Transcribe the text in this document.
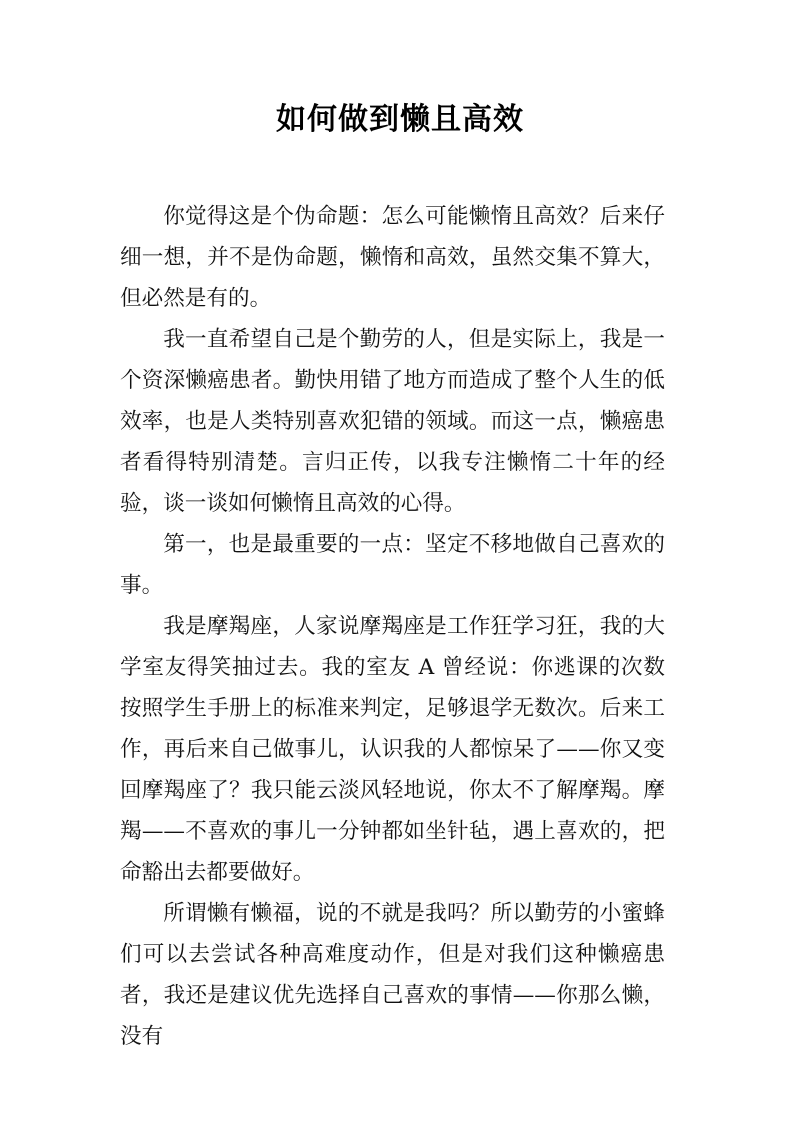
如何做到懒且高效

你觉得这是个伪命题：怎么可能懒惰且高效？后来仔细一想，并不是伪命题，懒惰和高效，虽然交集不算大，但必然是有的。

我一直希望自己是个勤劳的人，但是实际上，我是一个资深懒癌患者。勤快用错了地方而造成了整个人生的低效率，也是人类特别喜欢犯错的领域。而这一点，懒癌患者看得特别清楚。言归正传，以我专注懒惰二十年的经验，谈一谈如何懒惰且高效的心得。

第一，也是最重要的一点：坚定不移地做自己喜欢的事。

我是摩羯座，人家说摩羯座是工作狂学习狂，我的大学室友得笑抽过去。我的室友 A 曾经说：你逃课的次数按照学生手册上的标准来判定，足够退学无数次。后来工作，再后来自己做事儿，认识我的人都惊呆了——你又变回摩羯座了？我只能云淡风轻地说，你太不了解摩羯。摩羯——不喜欢的事儿一分钟都如坐针毡，遇上喜欢的，把命豁出去都要做好。

所谓懒有懒福，说的不就是我吗？所以勤劳的小蜜蜂们可以去尝试各种高难度动作，但是对我们这种懒癌患者，我还是建议优先选择自己喜欢的事情——你那么懒，没有
